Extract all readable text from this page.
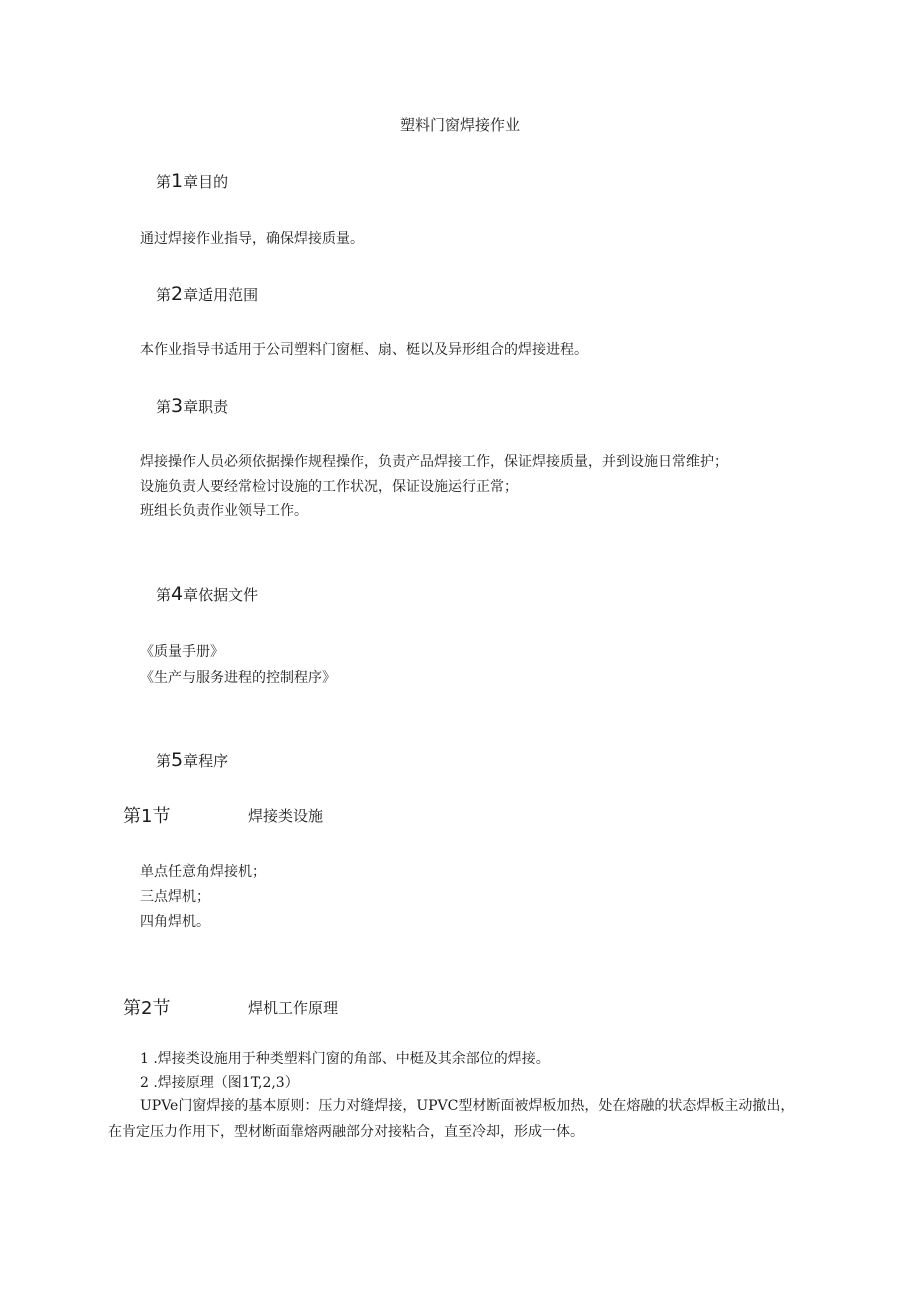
塑料门窗焊接作业
第1章目的
通过焊接作业指导，确保焊接质量。
第2章适用范围
本作业指导书适用于公司塑料门窗框、扇、梃以及异形组合的焊接进程。
第3章职责
焊接操作人员必须依据操作规程操作，负责产品焊接工作，保证焊接质量，并到设施日常维护；
设施负责人要经常检讨设施的工作状况，保证设施运行正常；
班组长负责作业领导工作。
第4章依据文件
《质量手册》
《生产与服务进程的控制程序》
第5章程序
第1节	焊接类设施
单点任意角焊接机；
三点焊机；
四角焊机。
第2节	焊机工作原理
1 .焊接类设施用于种类塑料门窗的角部、中梃及其余部位的焊接。
2 .焊接原理（图1T,2,3）
UPVe门窗焊接的基本原则：压力对缝焊接，UPVC型材断面被焊板加热，处在熔融的状态焊板主动撤出，在肯定压力作用下，型材断面靠熔两融部分对接粘合，直至冷却，形成一体。
